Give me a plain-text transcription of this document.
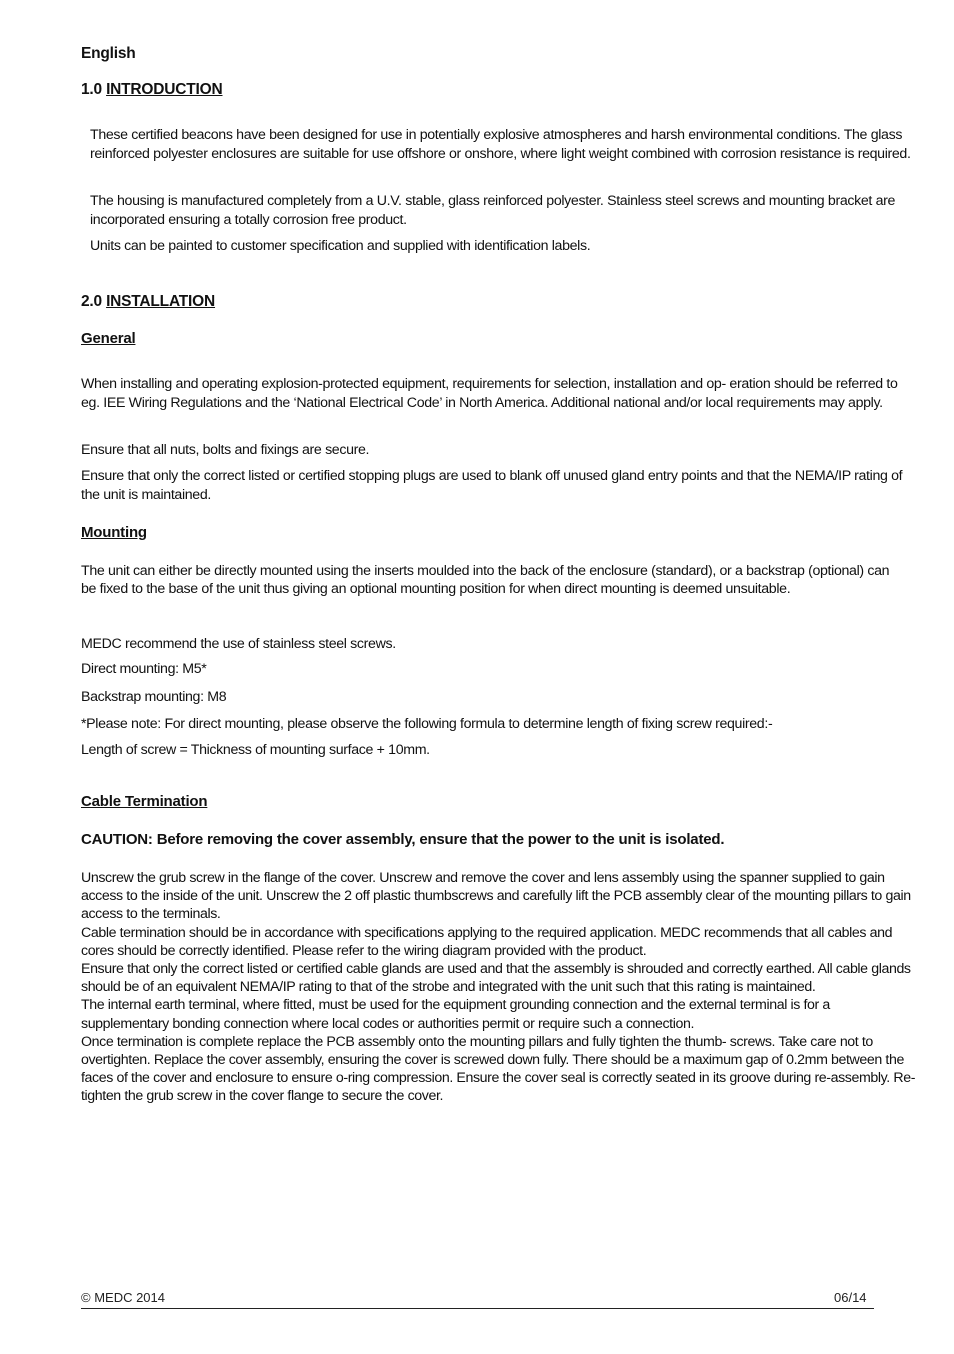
English
1.0 INTRODUCTION
These certified beacons have been designed for use in potentially explosive atmospheres and harsh environmental conditions. The glass reinforced polyester enclosures are suitable for use offshore or onshore, where light weight combined with corrosion resistance is required.
The housing is manufactured completely from a U.V. stable, glass reinforced polyester. Stainless steel screws and mounting bracket are incorporated ensuring a totally corrosion free product.
Units can be painted to customer specification and supplied with identification labels.
2.0 INSTALLATION
General
When installing and operating explosion-protected equipment, requirements for selection, installation and op- eration should be referred to eg. IEE Wiring Regulations and the ‘National Electrical Code’ in North America. Additional national and/or local requirements may apply.
Ensure that all nuts, bolts and fixings are secure.
Ensure that only the correct listed or certified stopping plugs are used to blank off unused gland entry points and that the NEMA/IP rating of the unit is maintained.
Mounting
The unit can either be directly mounted using the inserts moulded into the back of the enclosure (standard), or a backstrap (optional) can be fixed to the base of the unit thus giving an optional mounting position for when direct mounting is deemed unsuitable.
MEDC recommend the use of stainless steel screws.
Direct mounting: M5*
Backstrap mounting: M8
*Please note: For direct mounting, please observe the following formula to determine length of fixing screw required:-
Length of screw = Thickness of mounting surface + 10mm.
Cable Termination
CAUTION: Before removing the cover assembly, ensure that the power to the unit is isolated.

Unscrew the grub screw in the flange of the cover. Unscrew and remove the cover and lens assembly using the spanner supplied to gain access to the inside of the unit. Unscrew the 2 off plastic thumbscrews and carefully lift the PCB assembly clear of the mounting pillars to gain access to the terminals.

Cable termination should be in accordance with specifications applying to the required application. MEDC recommends that all cables and cores should be correctly identified. Please refer to the wiring diagram provided with the product.

Ensure that only the correct listed or certified cable glands are used and that the assembly is shrouded and correctly earthed. All cable glands should be of an equivalent NEMA/IP rating to that of the strobe and integrated with the unit such that this rating is maintained.

The internal earth terminal, where fitted, must be used for the equipment grounding connection and the external terminal is for a supplementary bonding connection where local codes or authorities permit or require such a connection.

Once termination is complete replace the PCB assembly onto the mounting pillars and fully tighten the thumb- screws. Take care not to overtighten. Replace the cover assembly, ensuring the cover is screwed down fully. There should be a maximum gap of 0.2mm between the faces of the cover and enclosure to ensure o-ring compression. Ensure the cover seal is correctly seated in its groove during re-assembly. Re-tighten the grub screw in the cover flange to secure the cover.

© MEDC 2014	06/14
